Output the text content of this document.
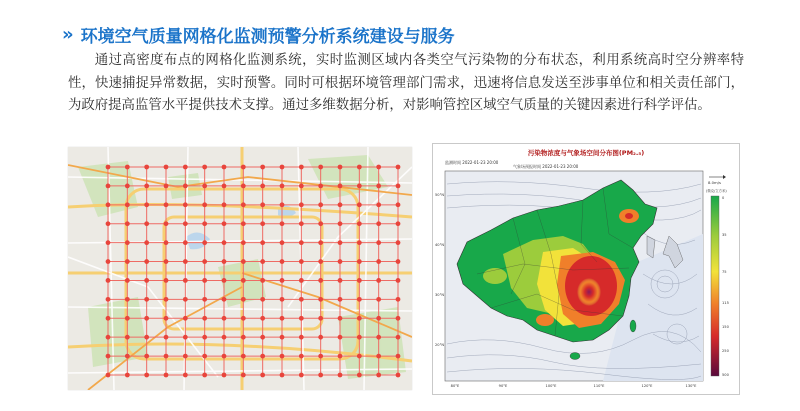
» 环境空气质量网格化监测预警分析系统建设与服务

通过高密度布点的网格化监测系统，实时监测区域内各类空气污染物的分布状态，利用系统高时空分辨率特性，快速捕捉异常数据，实时预警。同时可根据环境管理部门需求，迅速将信息发送至涉事单位和相关责任部门，为政府提高监管水平提供技术支撑。通过多维数据分析，对影响管控区域空气质量的关键因素进行科学评估。

污染物浓度与气象场空间分布图(PM₂.₅)
监测时间 2022-01-23 20:00
气象场预报时间 2022-01-23 20:00
50°N
40°N
30°N
20°N
80°E	90°E	100°E	110°E	120°E	130°E
8.0m/s
(微克/立方米)
0
35
75
115
150
250
500
